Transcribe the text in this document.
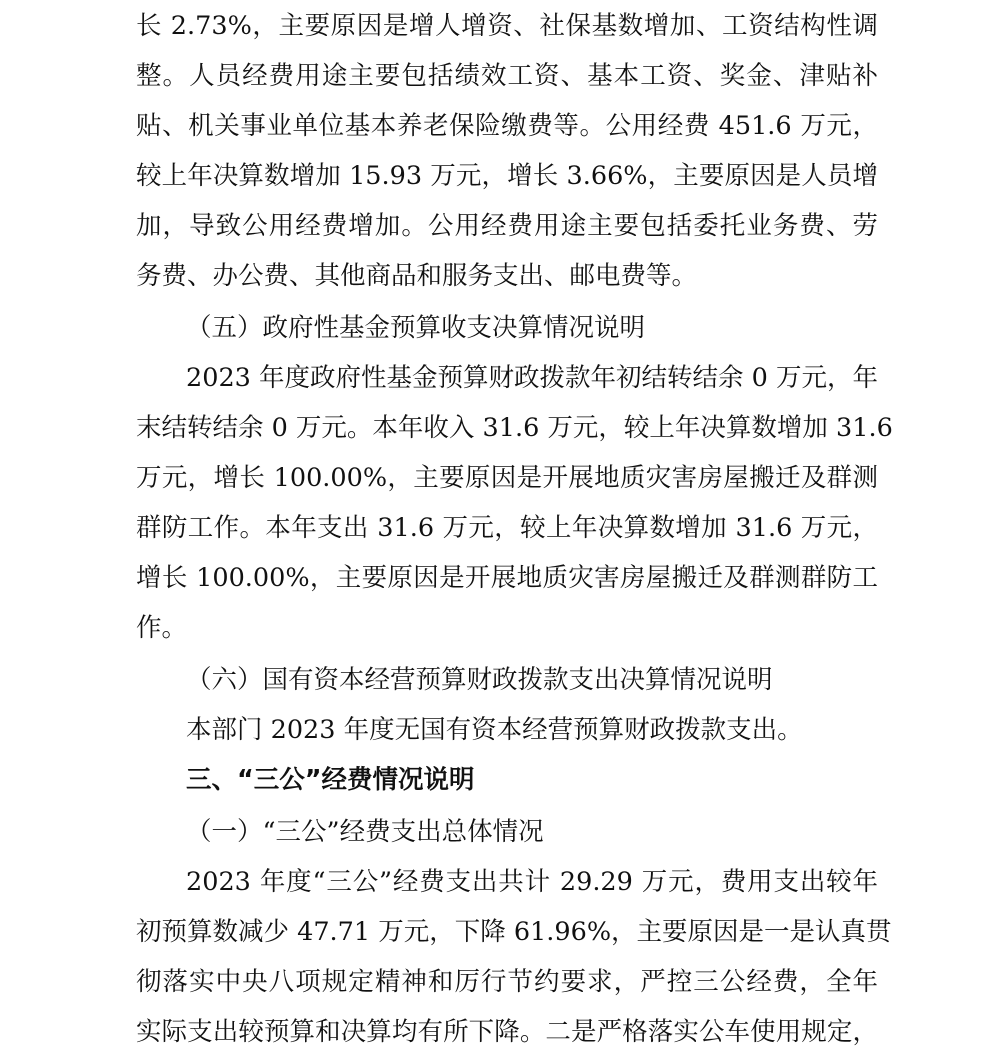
长 2.73%，主要原因是增人增资、社保基数增加、工资结构性调
整。人员经费用途主要包括绩效工资、基本工资、奖金、津贴补
贴、机关事业单位基本养老保险缴费等。公用经费 451.6 万元，
较上年决算数增加 15.93 万元，增长 3.66%，主要原因是人员增
加，导致公用经费增加。公用经费用途主要包括委托业务费、劳
务费、办公费、其他商品和服务支出、邮电费等。
（五）政府性基金预算收支决算情况说明
2023 年度政府性基金预算财政拨款年初结转结余 0 万元，年
末结转结余 0 万元。本年收入 31.6 万元，较上年决算数增加 31.6
万元，增长 100.00%，主要原因是开展地质灾害房屋搬迁及群测
群防工作。本年支出 31.6 万元，较上年决算数增加 31.6 万元，
增长 100.00%，主要原因是开展地质灾害房屋搬迁及群测群防工
作。
（六）国有资本经营预算财政拨款支出决算情况说明
本部门 2023 年度无国有资本经营预算财政拨款支出。
三、“三公”经费情况说明
（一）“三公”经费支出总体情况
2023 年度“三公”经费支出共计 29.29 万元，费用支出较年
初预算数减少 47.71 万元，下降 61.96%，主要原因是一是认真贯
彻落实中央八项规定精神和厉行节约要求，严控三公经费，全年
实际支出较预算和决算均有所下降。二是严格落实公车使用规定，
